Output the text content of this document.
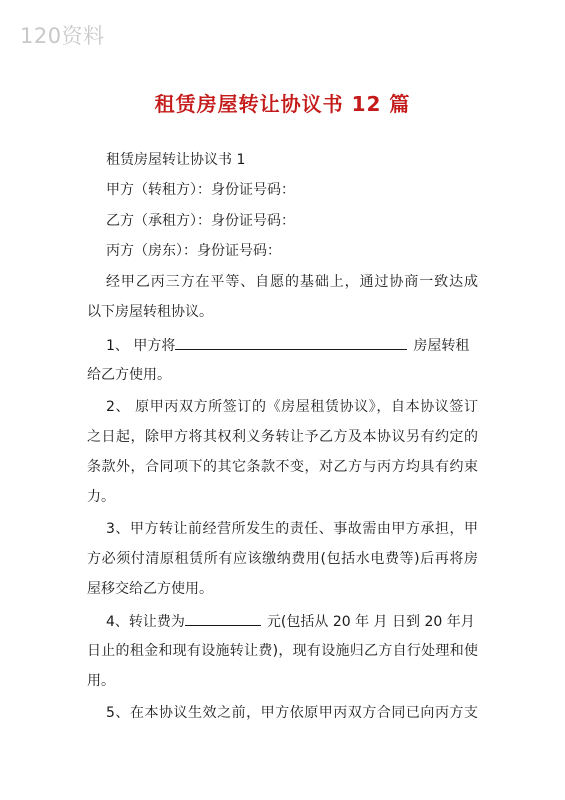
120资料
租赁房屋转让协议书 12 篇
租赁房屋转让协议书 1
甲方（转租方）：身份证号码：
乙方（承租方）：身份证号码：
丙方（房东）：身份证号码：
经甲乙丙三方在平等、自愿的基础上，通过协商一致达成
以下房屋转租协议。
1、 甲方将	房屋转租
给乙方使用。
2、 原甲丙双方所签订的《房屋租赁协议》，自本协议签订
之日起，除甲方将其权利义务转让予乙方及本协议另有约定的
条款外，合同项下的其它条款不变，对乙方与丙方均具有约束
力。
3、甲方转让前经营所发生的责任、事故需由甲方承担，甲
方必须付清原租赁所有应该缴纳费用(包括水电费等)后再将房
屋移交给乙方使用。
4、转让费为	元(包括从 20 年 月 日到 20 年月
日止的租金和现有设施转让费)，现有设施归乙方自行处理和使
用。
5、在本协议生效之前，甲方依原甲丙双方合同已向丙方支
